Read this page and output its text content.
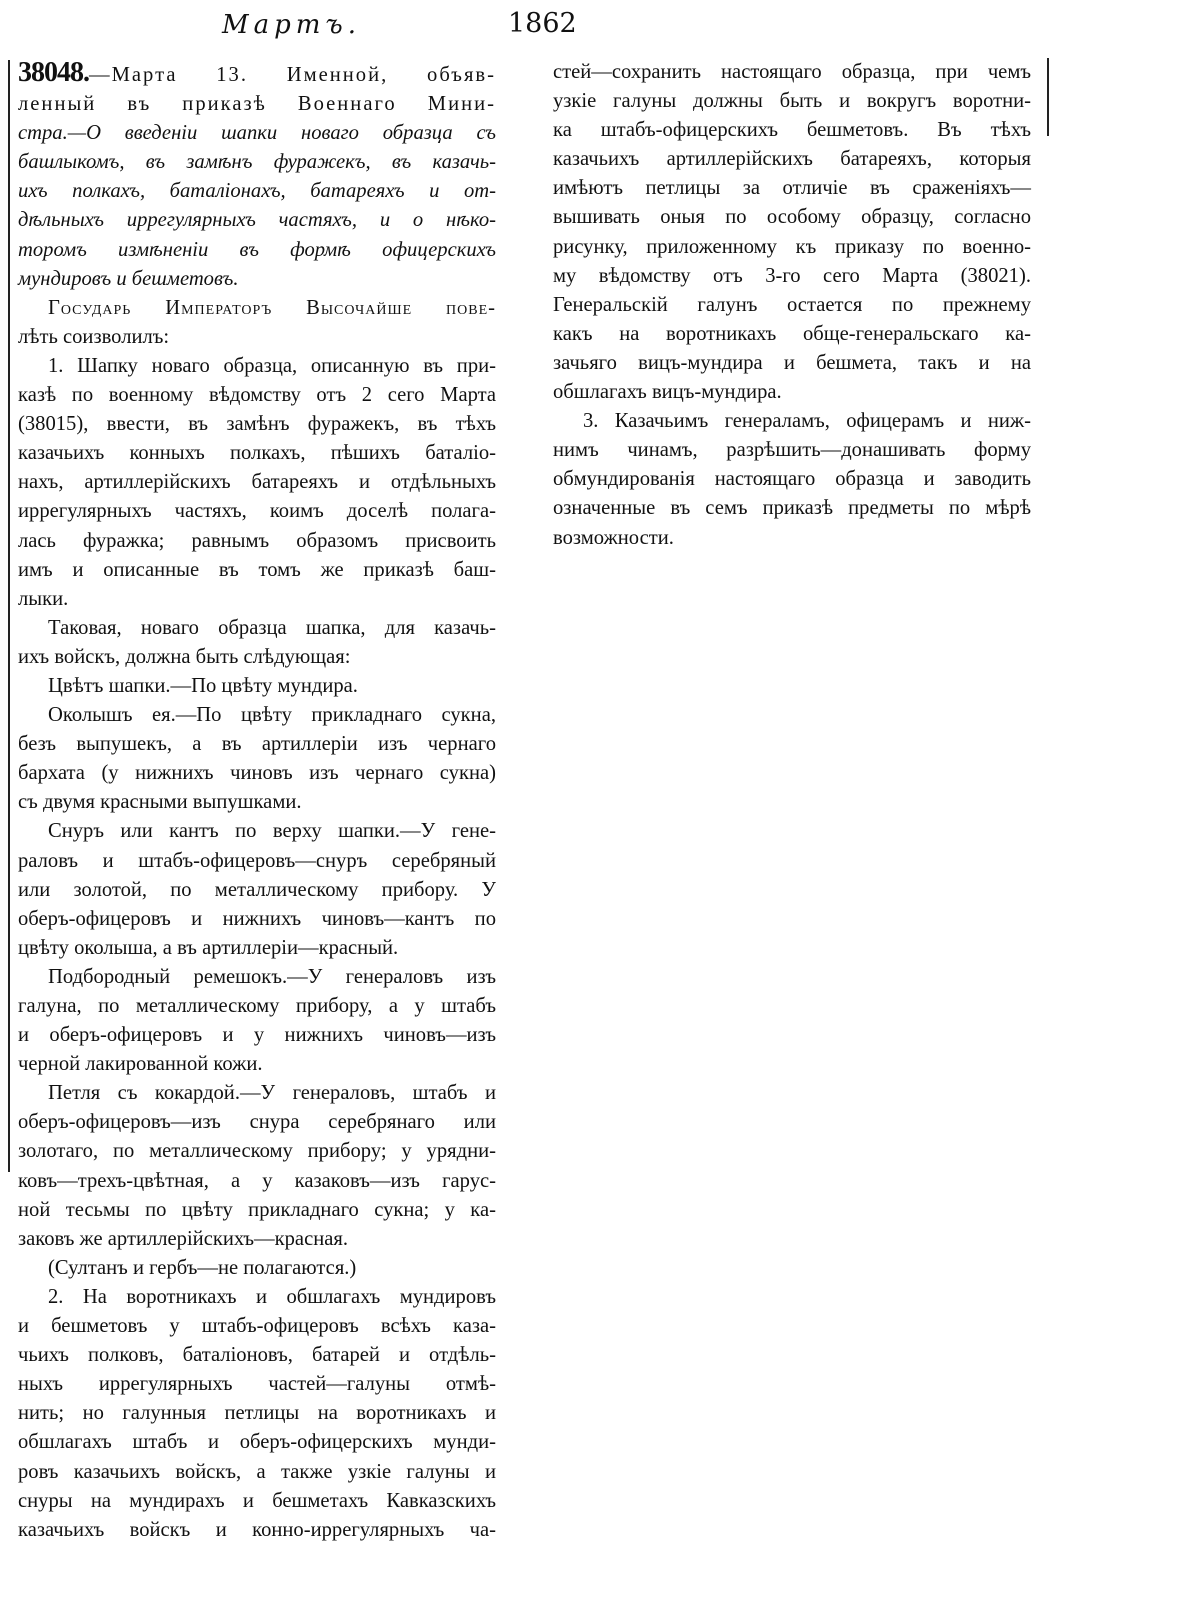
Мартъ.	1862

38048.—Марта 13. Именной, объяв-

ленный въ приказѣ Военнаго Мини-

стра.—О введеніи шапки новаго образца съ

башлыкомъ, въ замѣнъ фуражекъ, въ казачь-

ихъ полкахъ, баталіонахъ, батареяхъ и от-

дѣльныхъ иррегулярныхъ частяхъ, и о нѣко-

торомъ измѣненіи въ формѣ офицерскихъ

мундировъ и бешметовъ.

Государь Императоръ Высочайше пове-

лѣть соизволилъ:

1. Шапку новаго образца, описанную въ при-

казѣ по военному вѣдомству отъ 2 сего Марта

(38015), ввести, въ замѣнъ фуражекъ, въ тѣхъ

казачьихъ конныхъ полкахъ, пѣшихъ баталіо-

нахъ, артиллерійскихъ батареяхъ и отдѣльныхъ

иррегулярныхъ частяхъ, коимъ доселѣ полага-

лась фуражка; равнымъ образомъ присвоить

имъ и описанные въ томъ же приказѣ баш-

лыки.

Таковая, новаго образца шапка, для казачь-

ихъ войскъ, должна быть слѣдующая:

Цвѣтъ шапки.—По цвѣту мундира.

Околышъ ея.—По цвѣту прикладнаго сукна,

безъ выпушекъ, а въ артиллеріи изъ чернаго

бархата (у нижнихъ чиновъ изъ чернаго сукна)

съ двумя красными выпушками.

Снуръ или кантъ по верху шапки.—У гене-

раловъ и штабъ-офицеровъ—снуръ серебряный

или золотой, по металлическому прибору. У

оберъ-офицеровъ и нижнихъ чиновъ—кантъ по

цвѣту околыша, а въ артиллеріи—красный.

Подбородный ремешокъ.—У генераловъ изъ

галуна, по металлическому прибору, а у штабъ

и оберъ-офицеровъ и у нижнихъ чиновъ—изъ

черной лакированной кожи.

Петля съ кокардой.—У генераловъ, штабъ и

оберъ-офицеровъ—изъ снура серебрянаго или

золотаго, по металлическому прибору; у урядни-

ковъ—трехъ-цвѣтная, а у казаковъ—изъ гарус-

ной тесьмы по цвѣту прикладнаго сукна; у ка-

заковъ же артиллерійскихъ—красная.

(Султанъ и гербъ—не полагаются.)

2. На воротникахъ и обшлагахъ мундировъ

и бешметовъ у штабъ-офицеровъ всѣхъ каза-

чьихъ полковъ, баталіоновъ, батарей и отдѣль-

ныхъ иррегулярныхъ частей—галуны отмѣ-

нить; но галунныя петлицы на воротникахъ и

обшлагахъ штабъ и оберъ-офицерскихъ мунди-

ровъ казачьихъ войскъ, а также узкіе галуны и

снуры на мундирахъ и бешметахъ Кавказскихъ

казачьихъ войскъ и конно-иррегулярныхъ ча-

стей—сохранить настоящаго образца, при чемъ

узкіе галуны должны быть и вокругъ воротни-

ка штабъ-офицерскихъ бешметовъ. Въ тѣхъ

казачьихъ артиллерійскихъ батареяхъ, которыя

имѣютъ петлицы за отличіе въ сраженіяхъ—

вышивать оныя по особому образцу, согласно

рисунку, приложенному къ приказу по военно-

му вѣдомству отъ 3-го сего Марта (38021).

Генеральскій галунъ остается по прежнему

какъ на воротникахъ обще-генеральскаго ка-

зачьяго вицъ-мундира и бешмета, такъ и на

обшлагахъ вицъ-мундира.

3. Казачьимъ генераламъ, офицерамъ и ниж-

нимъ чинамъ, разрѣшить—донашивать форму

обмундированія настоящаго образца и заводить

означенные въ семъ приказѣ предметы по мѣрѣ

возможности.
